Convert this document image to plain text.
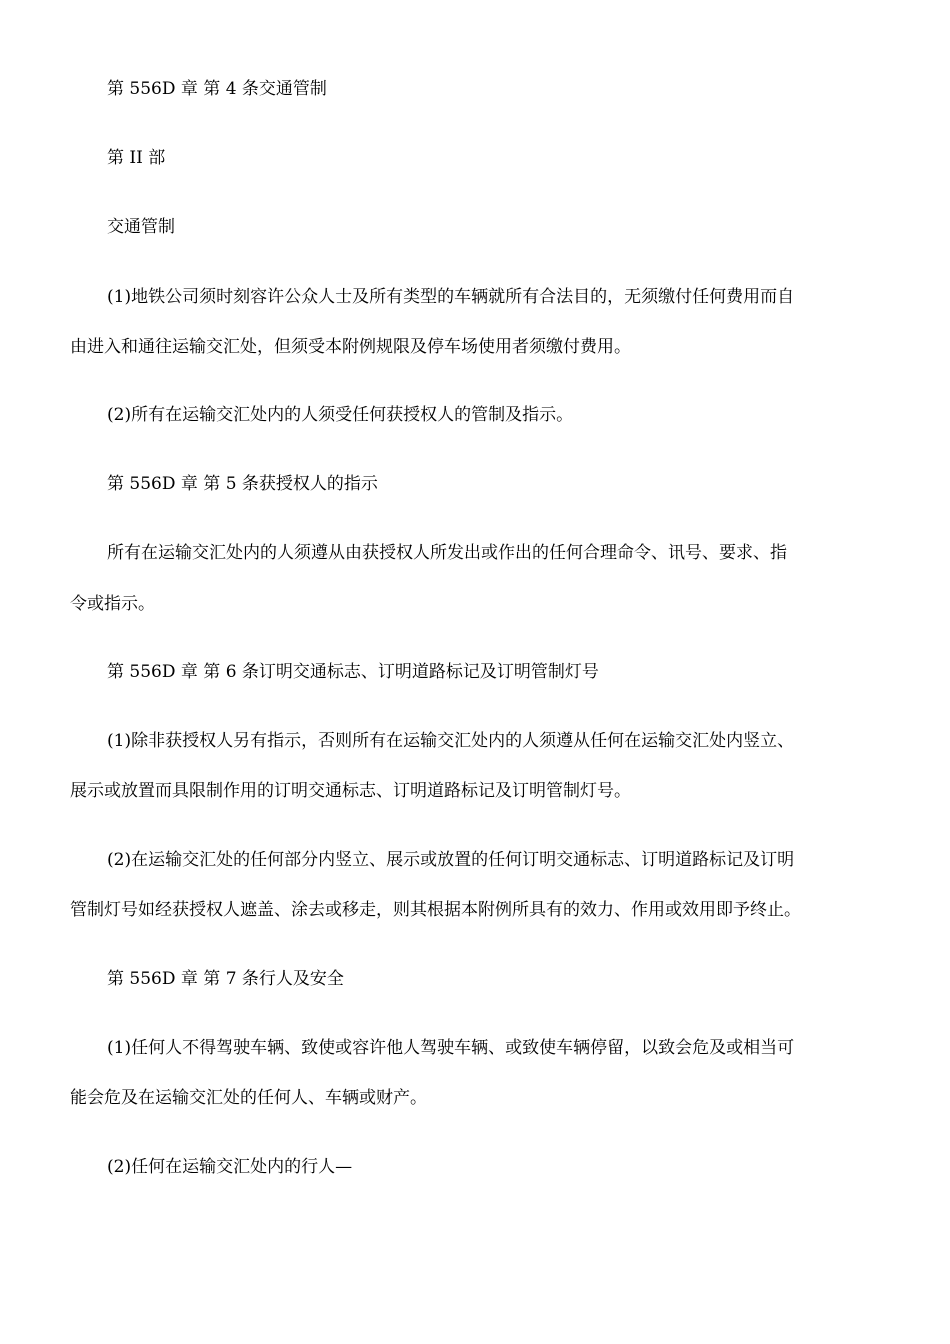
第 556D 章 第 4 条交通管制
第 II 部
交通管制
(1)地铁公司须时刻容许公众人士及所有类型的车辆就所有合法目的，无须缴付任何费用而自
由进入和通往运输交汇处，但须受本附例规限及停车场使用者须缴付费用。
(2)所有在运输交汇处内的人须受任何获授权人的管制及指示。
第 556D 章 第 5 条获授权人的指示
所有在运输交汇处内的人须遵从由获授权人所发出或作出的任何合理命令、讯号、要求、指
令或指示。
第 556D 章 第 6 条订明交通标志、订明道路标记及订明管制灯号
(1)除非获授权人另有指示，否则所有在运输交汇处内的人须遵从任何在运输交汇处内竖立、
展示或放置而具限制作用的订明交通标志、订明道路标记及订明管制灯号。
(2)在运输交汇处的任何部分内竖立、展示或放置的任何订明交通标志、订明道路标记及订明
管制灯号如经获授权人遮盖、涂去或移走，则其根据本附例所具有的效力、作用或效用即予终止。
第 556D 章 第 7 条行人及安全
(1)任何人不得驾驶车辆、致使或容许他人驾驶车辆、或致使车辆停留，以致会危及或相当可
能会危及在运输交汇处的任何人、车辆或财产。
(2)任何在运输交汇处内的行人—
